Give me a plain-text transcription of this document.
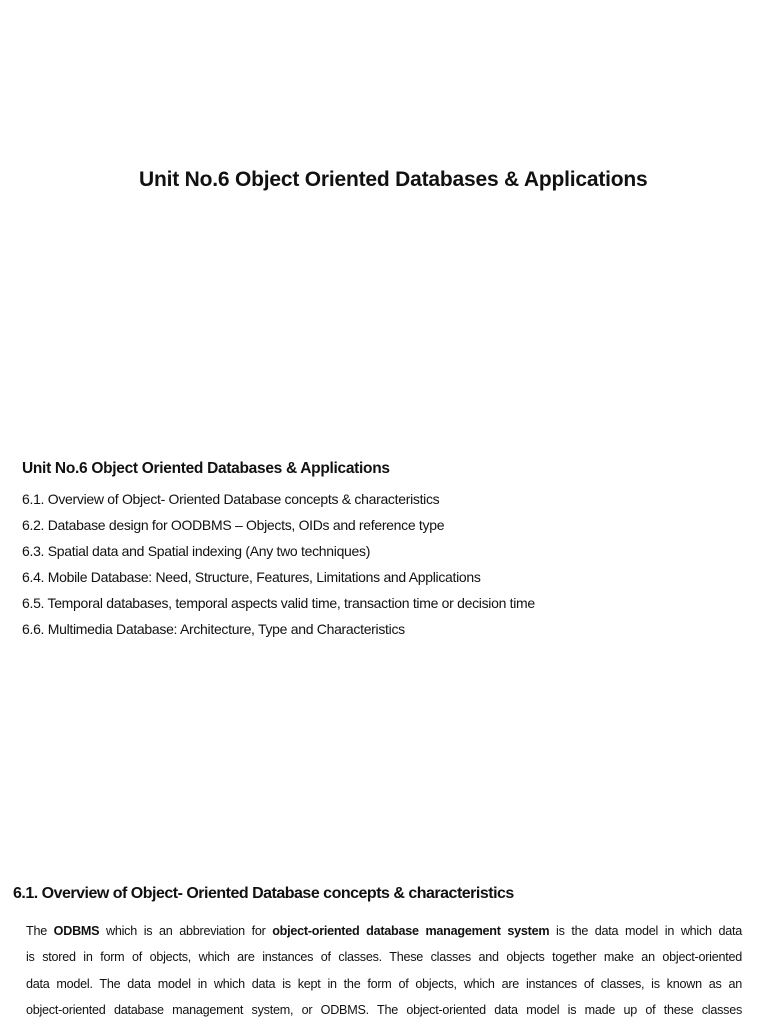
Unit No.6 Object Oriented Databases & Applications
Unit No.6 Object Oriented Databases & Applications
6.1. Overview of Object- Oriented Database concepts & characteristics
6.2. Database design for OODBMS – Objects, OIDs and reference type
6.3. Spatial data and Spatial indexing (Any two techniques)
6.4. Mobile Database: Need, Structure, Features, Limitations and Applications
6.5. Temporal databases, temporal aspects valid time, transaction time or decision time
6.6. Multimedia Database: Architecture, Type and Characteristics
6.1. Overview of Object- Oriented Database concepts & characteristics
The ODBMS which is an abbreviation for object-oriented database management system is the data model in which data
is stored in form of objects, which are instances of classes. These classes and objects together make an object-oriented
data model. The data model in which data is kept in the form of objects, which are instances of classes, is known as an
object-oriented database management system, or ODBMS. The object-oriented data model is made up of these classes
